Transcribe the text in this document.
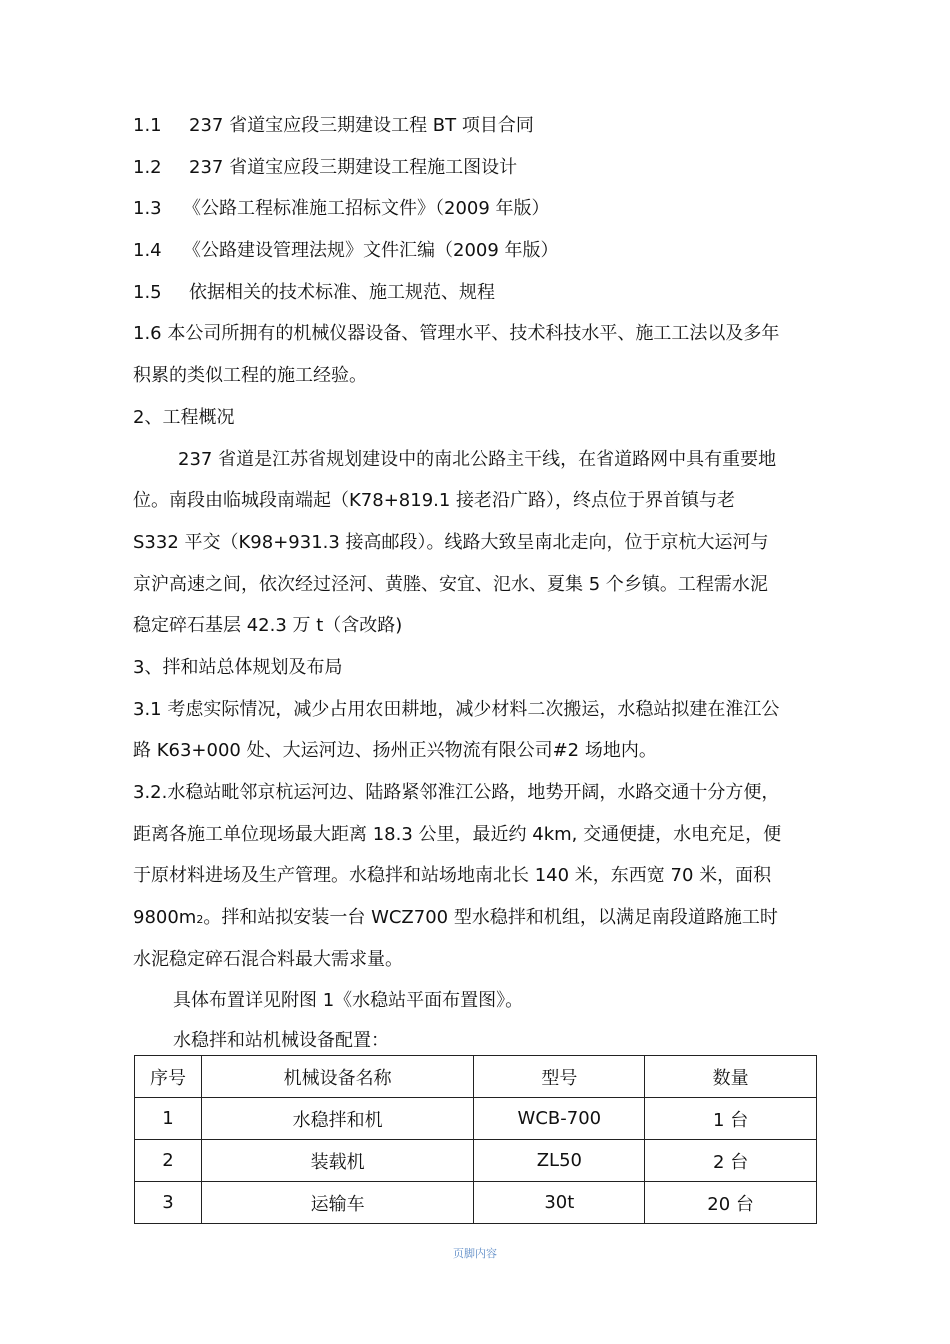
1.1 237 省道宝应段三期建设工程 BT 项目合同
1.2 237 省道宝应段三期建设工程施工图设计
1.3 《公路工程标准施工招标文件》（2009 年版）
1.4 《公路建设管理法规》文件汇编（2009 年版）
1.5 依据相关的技术标准、施工规范、规程
1.6 本公司所拥有的机械仪器设备、管理水平、技术科技水平、施工工法以及多年
积累的类似工程的施工经验。
2、工程概况
237 省道是江苏省规划建设中的南北公路主干线，在省道路网中具有重要地
位。南段由临城段南端起（K78+819.1 接老沿广路），终点位于界首镇与老
S332 平交（K98+931.3 接高邮段）。线路大致呈南北走向，位于京杭大运河与
京沪高速之间，依次经过泾河、黄塍、安宜、氾水、夏集 5 个乡镇。工程需水泥
稳定碎石基层 42.3 万 t（含改路)
3、拌和站总体规划及布局
3.1 考虑实际情况，减少占用农田耕地，减少材料二次搬运，水稳站拟建在淮江公
路 K63+000 处、大运河边、扬州正兴物流有限公司#2 场地内。
3.2.水稳站毗邻京杭运河边、陆路紧邻淮江公路，地势开阔，水路交通十分方便，
距离各施工单位现场最大距离 18.3 公里，最近约 4km, 交通便捷，水电充足，便
于原材料进场及生产管理。水稳拌和站场地南北长 140 米，东西宽 70 米，面积
9800m2。拌和站拟安装一台 WCZ700 型水稳拌和机组，以满足南段道路施工时
水泥稳定碎石混合料最大需求量。
具体布置详见附图 1《水稳站平面布置图》。
水稳拌和站机械设备配置：
序号	机械设备名称	型号	数量
1	水稳拌和机	WCB-700	1 台
2	装载机	ZL50	2 台
3	运输车	30t	20 台
页脚内容
